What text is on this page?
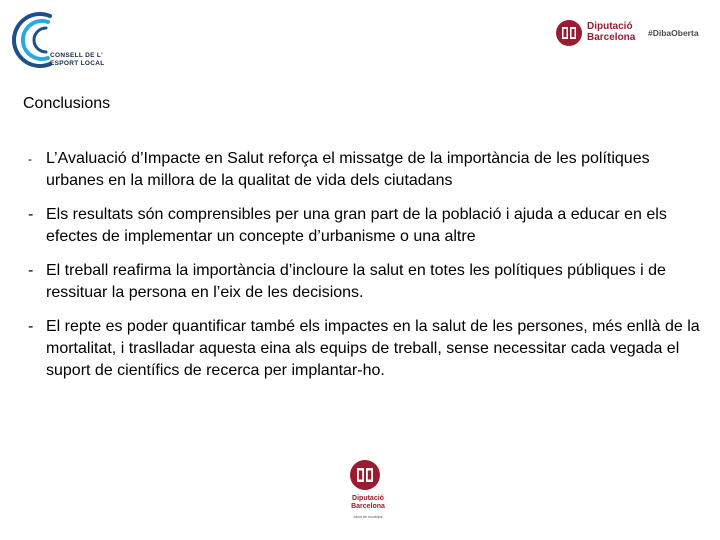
CONSELL DE L'
ESPORT LOCAL
Diputació
Barcelona #DibaOberta
Conclusions
- L’Avaluació d’Impacte en Salut reforça el missatge de la importància de les polítiques urbanes en la millora de la qualitat de vida dels ciutadans
- Els resultats són comprensibles per una gran part de la població i ajuda a educar en els efectes de implementar un concepte d’urbanisme o una altre
- El treball reafirma la importància d’incloure la salut en totes les polítiques públiques i de ressituar la persona en l’eix de les decisions.
- El repte es poder quantificar també els impactes en la salut de les persones, més enllà de la mortalitat, i traslladar aquesta eina als equips de treball, sense necessitar cada vegada el suport de científics de recerca per implantar-ho.
Diputació
Barcelona
xarxa de municipis
